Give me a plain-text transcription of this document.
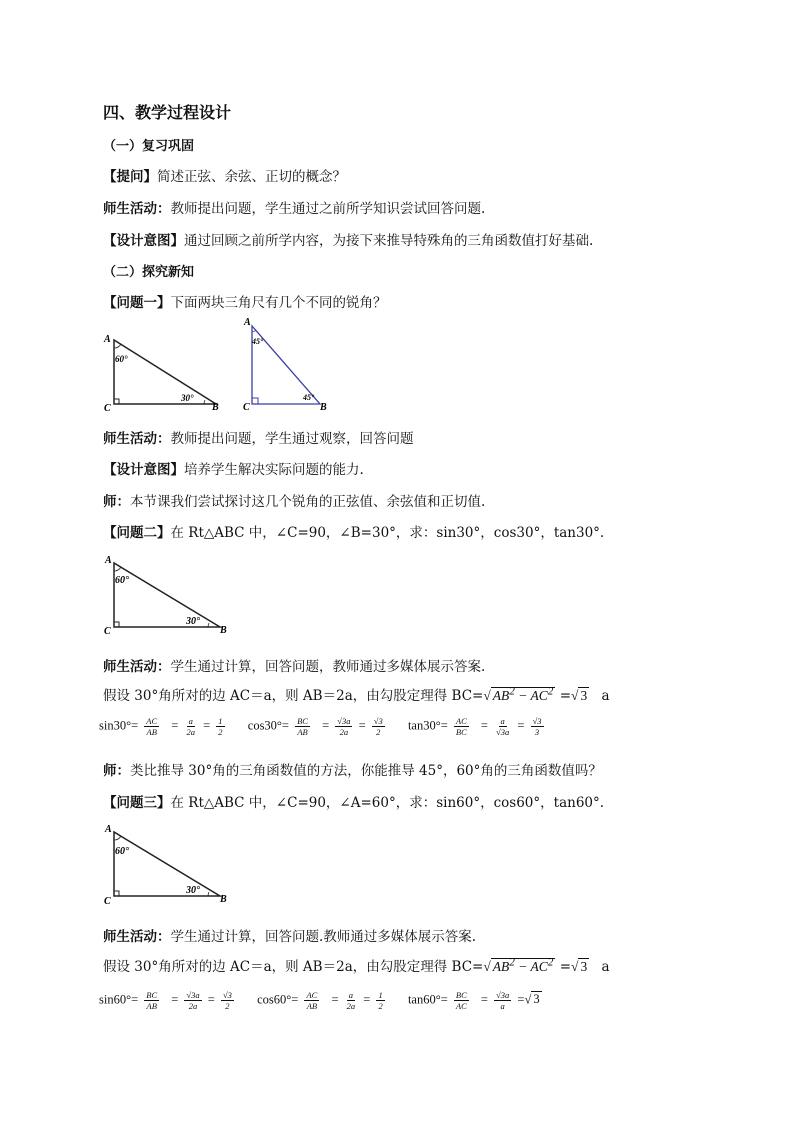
四、教学过程设计
（一）复习巩固
【提问】简述正弦、余弦、正切的概念？
师生活动：教师提出问题，学生通过之前所学知识尝试回答问题.
【设计意图】通过回顾之前所学内容，为接下来推导特殊角的三角函数值打好基础.
（二）探究新知
【问题一】下面两块三角尺有几个不同的锐角？
A
C	B
60°
30°
A
C	B
45°
45°
师生活动：教师提出问题，学生通过观察，回答问题
【设计意图】培养学生解决实际问题的能力.
师：本节课我们尝试探讨这几个锐角的正弦值、余弦值和正切值.
【问题二】在 Rt△ABC 中，∠C=90，∠B=30°，求：sin30°，cos30°，tan30°.
A
C	B
60°
30°
师生活动：学生通过计算，回答问题，教师通过多媒体展示答案.
假设 30°角所对的边 AC＝a，则 AB＝2a，由勾股定理得 BC=√ $AB^2 - AC^2$ =√ 3 a
$\sin 30^\circ= \frac{AC}{AB} = \frac{a}{2a} = \frac{1}{2} \cos 30^\circ= \frac{BC}{AB} = \frac{√3a}{2a} = \frac{√3}{2} \tan 30^\circ= \frac{AC}{BC} = \frac{a}{√3a} = \frac{√3}{3}$
师：类比推导 30°角的三角函数值的方法，你能推导 45°，60°角的三角函数值吗？
【问题三】在 Rt△ABC 中，∠C=90，∠A=60°，求：sin60°，cos60°，tan60°.
A
C	B
60°
30°
师生活动：学生通过计算，回答问题.教师通过多媒体展示答案.
假设 30°角所对的边 AC＝a，则 AB＝2a，由勾股定理得 BC=√ $AB^2 - AC^2$ =√ 3 a
$\sin 60^\circ= \frac{BC}{AB} = \frac{√3a}{2a} = \frac{√3}{2} \cos 60^\circ= \frac{AC}{AB} = \frac{a}{2a} = \frac{1}{2} \tan 60^\circ= \frac{BC}{AC} = \frac{√3a}{a}$ =√ 3
